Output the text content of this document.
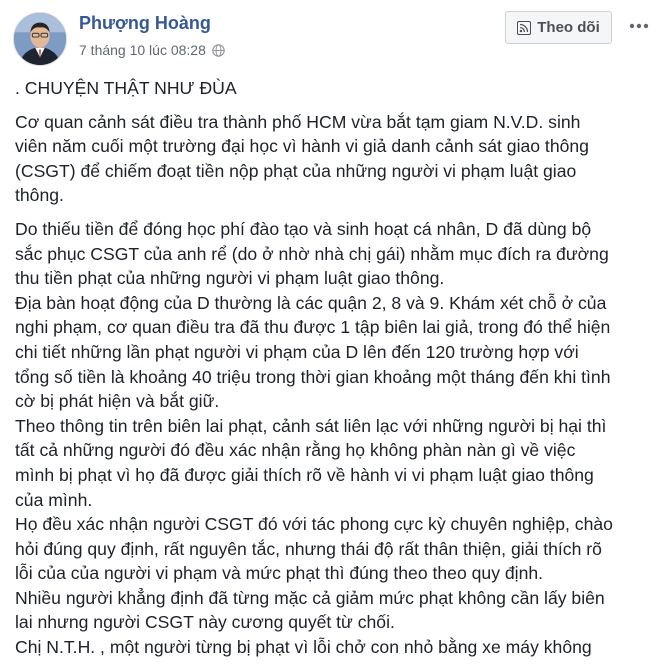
Phượng Hoàng
7 tháng 10 lúc 08:28
Theo dõi

. CHUYỆN THẬT NHƯ ĐÙA

Cơ quan cảnh sát điều tra thành phố HCM vừa bắt tạm giam N.V.D. sinh
viên năm cuối một trường đại học vì hành vi giả danh cảnh sát giao thông
(CSGT) để chiếm đoạt tiền nộp phạt của những người vi phạm luật giao
thông.

Do thiếu tiền để đóng học phí đào tạo và sinh hoạt cá nhân, D đã dùng bộ
sắc phục CSGT của anh rể (do ở nhờ nhà chị gái) nhằm mục đích ra đường
thu tiền phạt của những người vi phạm luật giao thông.
Địa bàn hoạt động của D thường là các quận 2, 8 và 9. Khám xét chỗ ở của
nghi phạm, cơ quan điều tra đã thu được 1 tập biên lai giả, trong đó thể hiện
chi tiết những lần phạt người vi phạm của D lên đến 120 trường hợp với
tổng số tiền là khoảng 40 triệu trong thời gian khoảng một tháng đến khi tình
cờ bị phát hiện và bắt giữ.
Theo thông tin trên biên lai phạt, cảnh sát liên lạc với những người bị hại thì
tất cả những người đó đều xác nhận rằng họ không phàn nàn gì về việc
mình bị phạt vì họ đã được giải thích rõ về hành vi vi phạm luật giao thông
của mình.
Họ đều xác nhận người CSGT đó với tác phong cực kỳ chuyên nghiệp, chào
hỏi đúng quy định, rất nguyên tắc, nhưng thái độ rất thân thiện, giải thích rõ
lỗi của của người vi phạm và mức phạt thì đúng theo theo quy định.
Nhiều người khẳng định đã từng mặc cả giảm mức phạt không cần lấy biên
lai nhưng người CSGT này cương quyết từ chối.
Chị N.T.H. , một người từng bị phạt vì lỗi chở con nhỏ bằng xe máy không
